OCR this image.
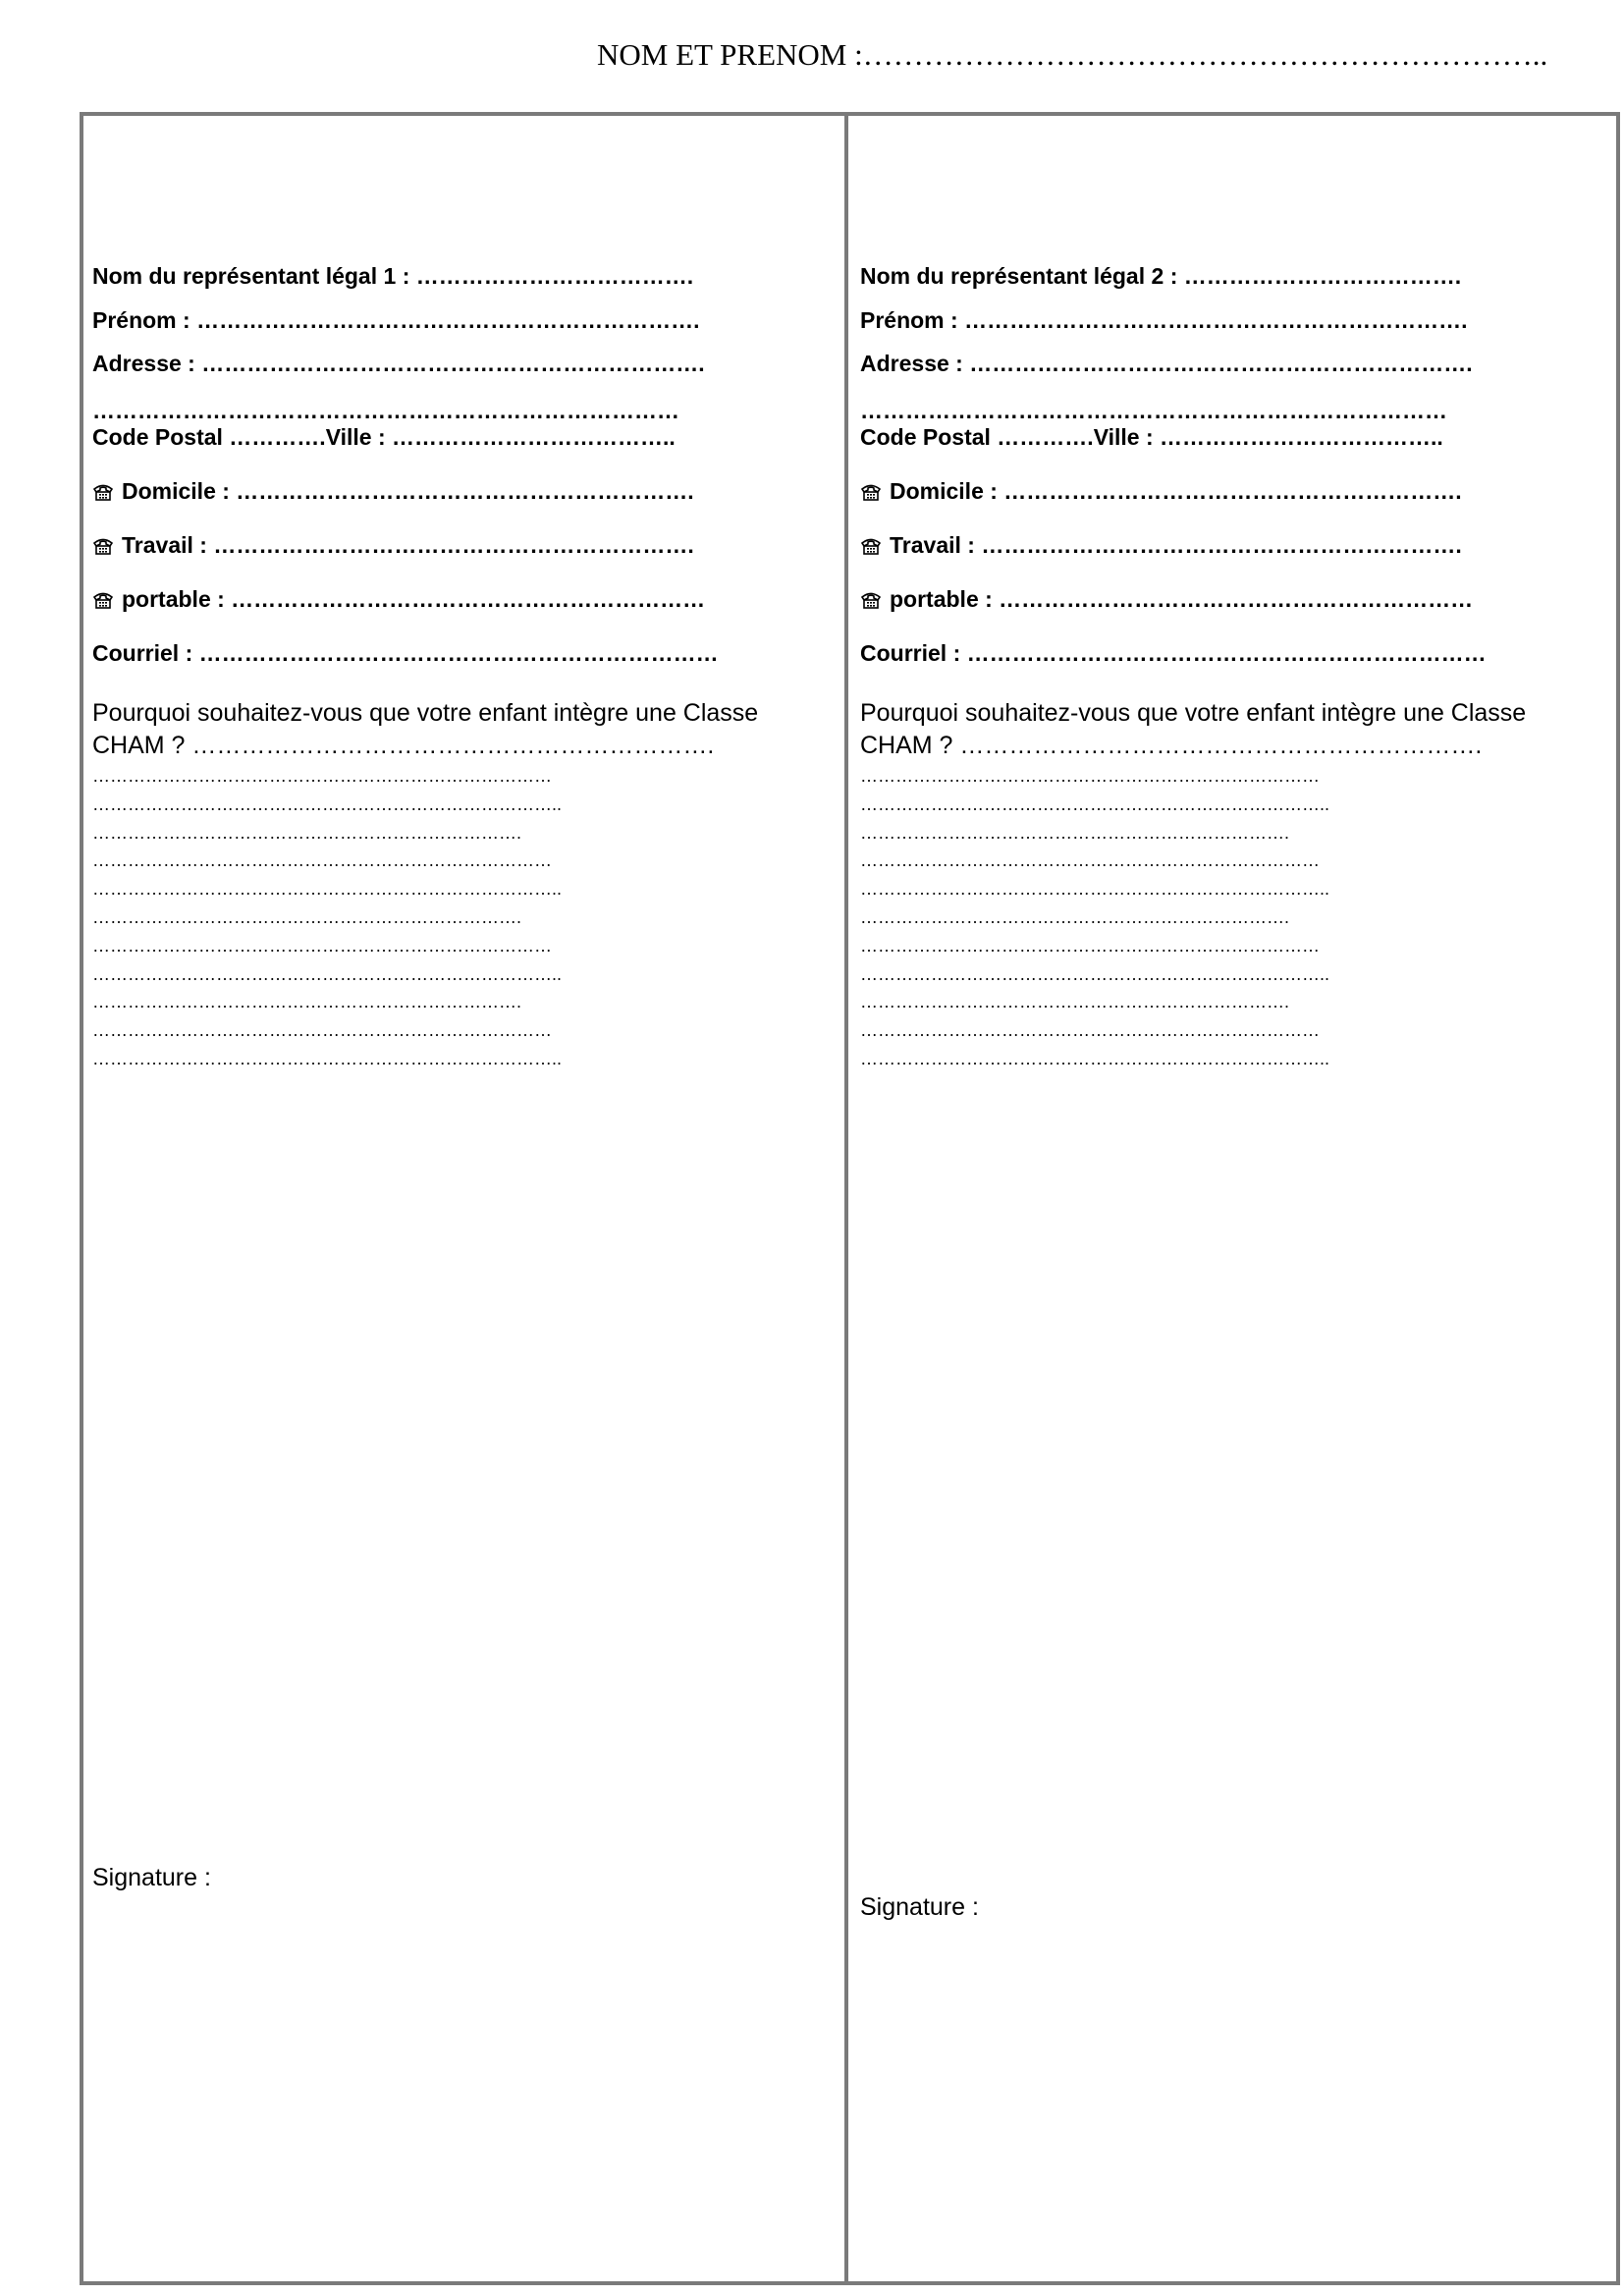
NOM ET PRENOM :…………………………………………………………..
Nom du représentant légal 1 : ……………………………….
Prénom : ………………………………………………………….
Adresse : ………………………………………………………….
……………………………………………………………………
Code Postal ………….Ville : ………………………………..
Domicile : …………………………………………………….
Travail : ……………………………………………………….
portable : ………………………………………………………
Courriel : ……………………………………………………………
Pourquoi souhaitez-vous que votre enfant intègre une Classe CHAM ? ……………………………………………………….
……………………………………………………………………
……………………………………………………………………..
……………………………………………………………….
……………………………………………………………………
……………………………………………………………………..
……………………………………………………………….
……………………………………………………………………
……………………………………………………………………..
……………………………………………………………….
……………………………………………………………………
……………………………………………………………………..
Signature :
Nom du représentant légal 2 : ……………………………….
Prénom : ………………………………………………………….
Adresse : ………………………………………………………….
……………………………………………………………………
Code Postal ………….Ville : ………………………………..
Domicile : …………………………………………………….
Travail : ……………………………………………………….
portable : ………………………………………………………
Courriel : ……………………………………………………………
Pourquoi souhaitez-vous que votre enfant intègre une Classe CHAM ? ……………………………………………………….
……………………………………………………………………
……………………………………………………………………..
……………………………………………………………….
……………………………………………………………………
……………………………………………………………………..
……………………………………………………………….
……………………………………………………………………
……………………………………………………………………..
……………………………………………………………….
……………………………………………………………………
……………………………………………………………………..
Signature :
